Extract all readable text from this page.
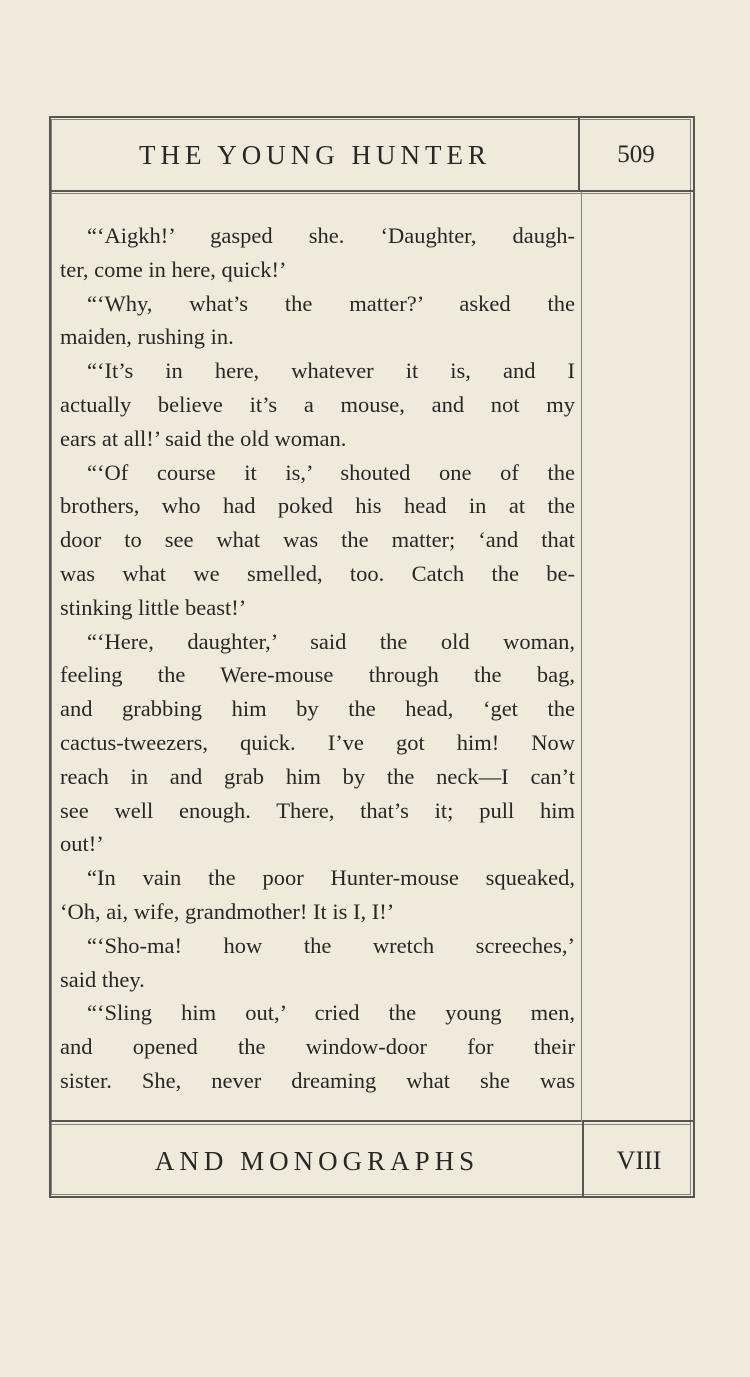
THE YOUNG HUNTER	509
“‘Aigkh!’ gasped she. ‘Daughter, daugh-
ter, come in here, quick!’
“‘Why, what’s the matter?’ asked the
maiden, rushing in.
“‘It’s in here, whatever it is, and I
actually believe it’s a mouse, and not my
ears at all!’ said the old woman.
“‘Of course it is,’ shouted one of the
brothers, who had poked his head in at the
door to see what was the matter; ‘and that
was what we smelled, too. Catch the be-
stinking little beast!’
“‘Here, daughter,’ said the old woman,
feeling the Were-mouse through the bag,
and grabbing him by the head, ‘get the
cactus-tweezers, quick. I’ve got him! Now
reach in and grab him by the neck—I can’t
see well enough. There, that’s it; pull him
out!’
“In vain the poor Hunter-mouse squeaked,
‘Oh, ai, wife, grandmother! It is I, I!’
“‘Sho-ma! how the wretch screeches,’
said they.
“‘Sling him out,’ cried the young men,
and opened the window-door for their
sister. She, never dreaming what she was
AND MONOGRAPHS	VIII
